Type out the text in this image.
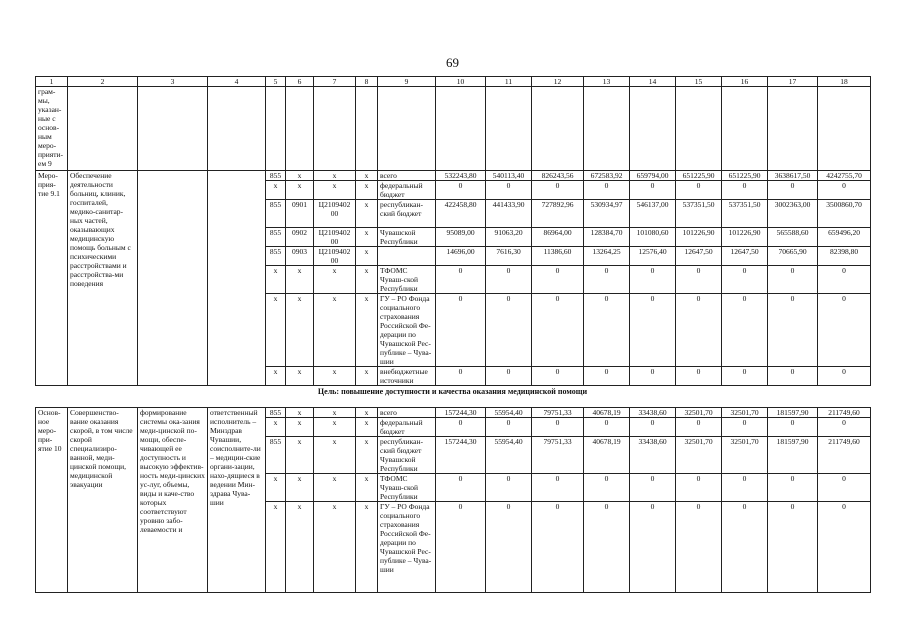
69
1	2	3	4	5	6	7	8	9	10	11	12	13	14	15	16	17	18
грам-мы, указан-ные с основ-ным меро-прияти-ем 9																	
Меро-прия-тие 9.1	Обеспечение деятельности больниц, клиник, госпиталей, медико-санитар-ных частей, оказывающих медицинскую помощь больным с психическими расстройствами и расстройства-ми поведения			855	x	x	x	всего	532243,80	540113,40	826243,56	672583,92	659794,00	651225,90	651225,90	3638617,50	4242755,70
				x	x	x	x	федеральный бюджет	0	0	0	0	0	0	0	0	0
				855	0901	Ц2109402 00	x	республикан-ский бюджет	422458,80	441433,90	727892,96	530934,97	546137,00	537351,50	537351,50	3002363,00	3500860,70
				855	0902	Ц2109402 00	x	Чувашской Республики	95089,00	91063,20	86964,00	128384,70	101080,60	101226,90	101226,90	565588,60	659496,20
				855	0903	Ц2109402 00	x		14696,00	7616,30	11386,60	13264,25	12576,40	12647,50	12647,50	70665,90	82398,80
				x	x	x	x	ТФОМС Чуваш-ской Республики	0	0	0	0	0	0	0	0	0
				x	x	x	x	ГУ – РО Фонда социального страхования Российской Фе-дерации по Чувашской Рес-публике – Чува-шии	0	0	0	0	0	0	0	0	0
				x	x	x	x	внебюджетные источники	0	0	0	0	0	0	0	0	0
Цель: повышение доступности и качества оказания медицинской помощи
Основ-ное меро-при-ятие 10	Совершенство-вание оказания скорой, в том числе скорой специализиро-ванной, меди-цинской помощи, медицинской эвакуации	формирование системы ока-зания меди-цинской по-мощи, обеспе-чивающей ее доступность и высокую эффектив-ность меди-цинских ус-луг, объемы, виды и каче-ство которых соответствуют уровню забо-леваемости и	ответственный исполнитель – Минздрав Чувашии, соисполните-ли – медицин-ские органи-зации, нахо-дящиеся в ведении Мин-здрава Чува-шии	855	x	x	x	всего	157244,30	55954,40	79751,33	40678,19	33438,60	32501,70	32501,70	181597,90	211749,60
				x	x	x	x	федеральный бюджет	0	0	0	0	0	0	0	0	0
				855	x	x	x	республикан-ский бюджет Чувашской Республики	157244,30	55954,40	79751,33	40678,19	33438,60	32501,70	32501,70	181597,90	211749,60
				x	x	x	x	ТФОМС Чуваш-ской Республики	0	0	0	0	0	0	0	0	0
				x	x	x	x	ГУ – РО Фонда социального страхования Российской Фе-дерации по Чувашской Рес-публике – Чува-шии	0	0	0	0	0	0	0	0	0
